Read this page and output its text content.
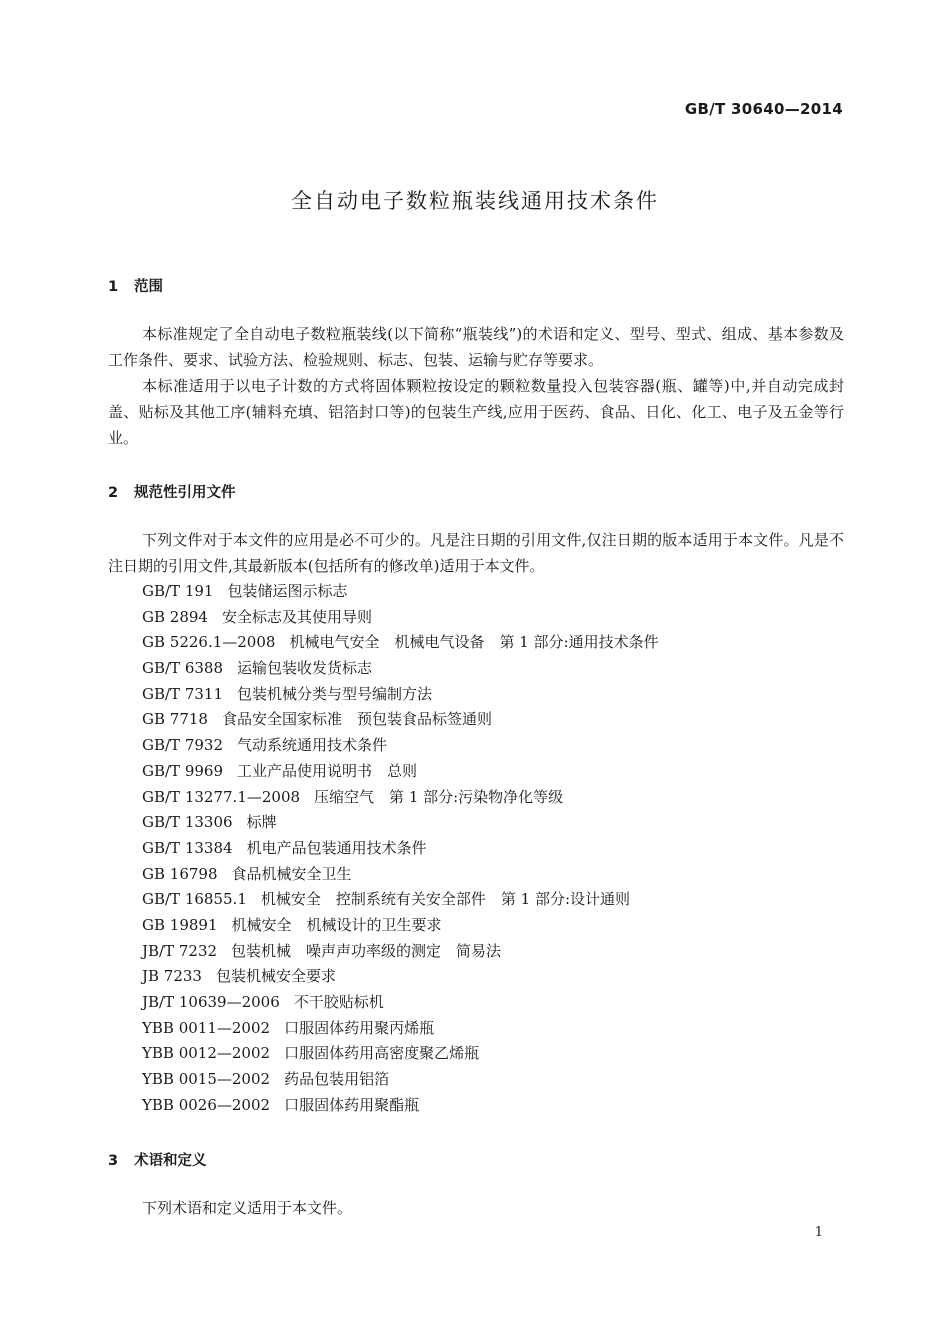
GB/T 30640—2014
全自动电子数粒瓶装线通用技术条件
1 范围

本标准规定了全自动电子数粒瓶装线(以下简称“瓶装线”)的术语和定义、型号、型式、组成、基本参数及工作条件、要求、试验方法、检验规则、标志、包装、运输与贮存等要求。

本标准适用于以电子计数的方式将固体颗粒按设定的颗粒数量投入包装容器(瓶、罐等)中,并自动完成封盖、贴标及其他工序(辅料充填、铝箔封口等)的包装生产线,应用于医药、食品、日化、化工、电子及五金等行业。

2 规范性引用文件

下列文件对于本文件的应用是必不可少的。凡是注日期的引用文件,仅注日期的版本适用于本文件。凡是不注日期的引用文件,其最新版本(包括所有的修改单)适用于本文件。

GB/T 191 包装储运图示标志
GB 2894 安全标志及其使用导则
GB 5226.1—2008 机械电气安全　机械电气设备　第 1 部分:通用技术条件
GB/T 6388 运输包装收发货标志
GB/T 7311 包装机械分类与型号编制方法
GB 7718 食品安全国家标准　预包装食品标签通则
GB/T 7932 气动系统通用技术条件
GB/T 9969 工业产品使用说明书　总则
GB/T 13277.1—2008 压缩空气　第 1 部分:污染物净化等级
GB/T 13306 标牌
GB/T 13384 机电产品包装通用技术条件
GB 16798 食品机械安全卫生
GB/T 16855.1 机械安全　控制系统有关安全部件　第 1 部分:设计通则
GB 19891 机械安全　机械设计的卫生要求
JB/T 7232 包装机械　噪声声功率级的测定　简易法
JB 7233 包装机械安全要求
JB/T 10639—2006 不干胶贴标机
YBB 0011—2002 口服固体药用聚丙烯瓶
YBB 0012—2002 口服固体药用高密度聚乙烯瓶
YBB 0015—2002 药品包装用铝箔
YBB 0026—2002 口服固体药用聚酯瓶
3 术语和定义

下列术语和定义适用于本文件。

1
